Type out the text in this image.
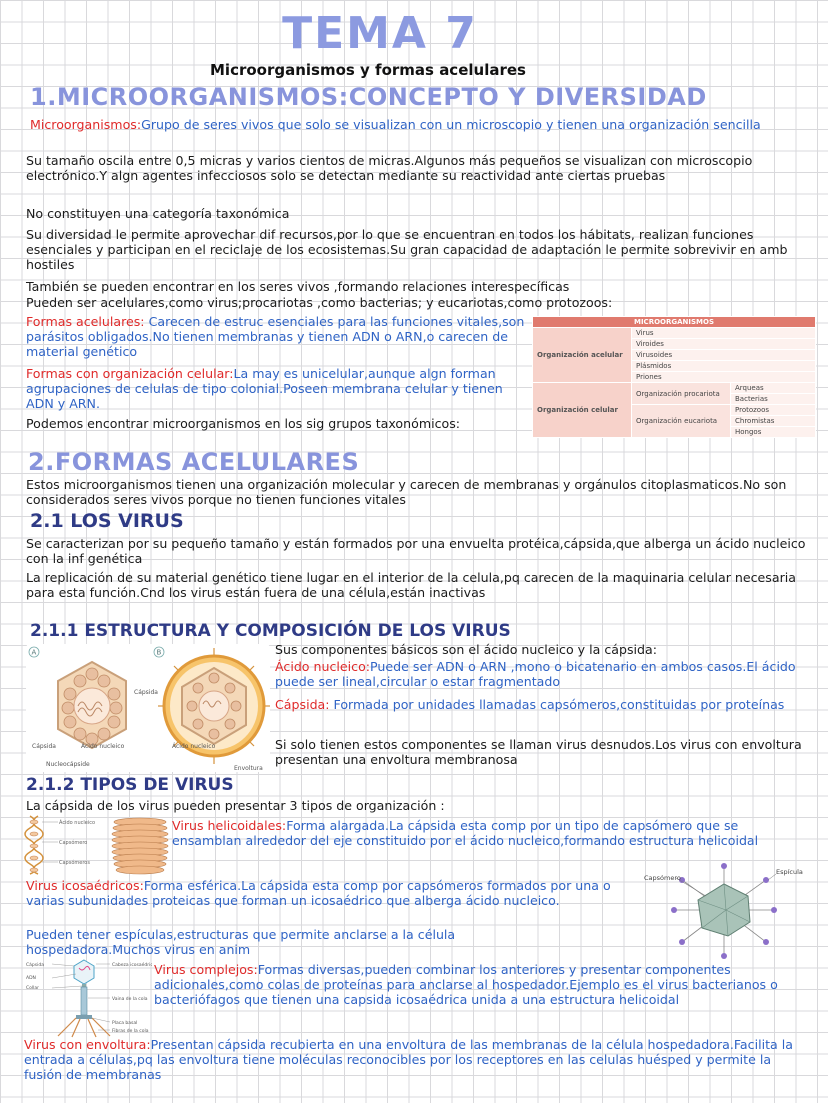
TEMA 7
Microorganismos y formas acelulares
1.MICROORGANISMOS:CONCEPTO Y DIVERSIDAD
Microorganismos:Grupo de seres vivos que solo se visualizan con un microscopio y tienen una organización sencilla
Su tamaño oscila entre 0,5 micras y varios cientos de micras.Algunos más pequeños se visualizan con microscopio electrónico.Y algn agentes infecciosos solo se detectan mediante su reactividad ante ciertas pruebas
No constituyen una categoría taxonómica
Su diversidad le permite aprovechar dif recursos,por lo que se encuentran en todos los hábitats, realizan funciones esenciales y participan en el reciclaje de los ecosistemas.Su gran capacidad de adaptación le permite sobrevivir en amb hostiles
También se pueden encontrar en los seres vivos ,formando relaciones interespecíficas
Pueden ser acelulares,como virus;procariotas ,como bacterias; y eucariotas,como protozoos:
Formas acelulares: Carecen de estruc esenciales para las funciones vitales,son parásitos obligados.No tienen membranas y tienen ADN o ARN,o carecen de material genético
Formas con organización celular:La may es unicelular,aunque algn forman agrupaciones de celulas de tipo colonial.Poseen membrana celular y tienen ADN y ARN.
Podemos encontrar microorganismos en los sig grupos taxonómicos:
MICROORGANISMOS		
Organización acelular	Virus	
	Viroides	
	Virusoides	
	Plásmidos	
	Priones	
Organización celular	Organización procariota	Arqueas
		Bacterias
	Organización eucariota	Protozoos
		Chromistas
		Hongos
2.FORMAS ACELULARES
Estos microorganismos tienen una organización molecular y carecen de membranas y orgánulos citoplasmaticos.No son considerados seres vivos porque no tienen funciones vitales
2.1 LOS VIRUS
Se caracterizan por su pequeño tamaño y están formados por una envuelta protéica,cápsida,que alberga un ácido nucleico con la inf genética
La replicación de su material genético tiene lugar en el interior de la celula,pq carecen de la maquinaria celular necesaria para esta función.Cnd los virus están fuera de una célula,están inactivas
2.1.1 ESTRUCTURA Y COMPOSICIÓN DE LOS VIRUS
A	B
Cápsida	Ácido nucleico
Nucleocápside
Cápsida
Ácido nucleico
Envoltura
Sus componentes básicos son el ácido nucleico y la cápsida:
Ácido nucleico:Puede ser ADN o ARN ,mono o bicatenario en ambos casos.El ácido puede ser lineal,circular o estar fragmentado
Cápsida: Formada por unidades llamadas capsómeros,constituidas por proteínas
Si solo tienen estos componentes se llaman virus desnudos.Los virus con envoltura presentan una envoltura membranosa
2.1.2 TIPOS DE VIRUS
La cápsida de los virus pueden presentar 3 tipos de organización :
Ácido nucleico
Capsómero
Capsómeros
Virus helicoidales:Forma alargada.La cápsida esta comp por un tipo de capsómero que se ensamblan alrededor del eje constituido por el ácido nucleico,formando estructura helicoidal
Virus icosaédricos:Forma esférica.La cápsida esta comp por capsómeros formados por una o varias subunidades proteicas que forman un icosaédrico que alberga ácido nucleico.
Pueden tener espículas,estructuras que permite anclarse a la célula hospedadora.Muchos virus en anim
Capsómero
Espícula
Cápsida	Cabeza icosaédrica
ADN
Collar
Vaina de la cola
Placa basal
Fibras de la cola
Virus complejos:Formas diversas,pueden combinar los anteriores y presentar componentes adicionales,como colas de proteínas para anclarse al hospedador.Ejemplo es el virus bacterianos o bacteriófagos que tienen una capsida icosaédrica unida a una estructura helicoidal
Virus con envoltura:Presentan cápsida recubierta en una envoltura de las membranas de la célula hospedadora.Facilita la entrada a células,pq las envoltura tiene moléculas reconocibles por los receptores en las celulas huésped y permite la fusión de membranas
